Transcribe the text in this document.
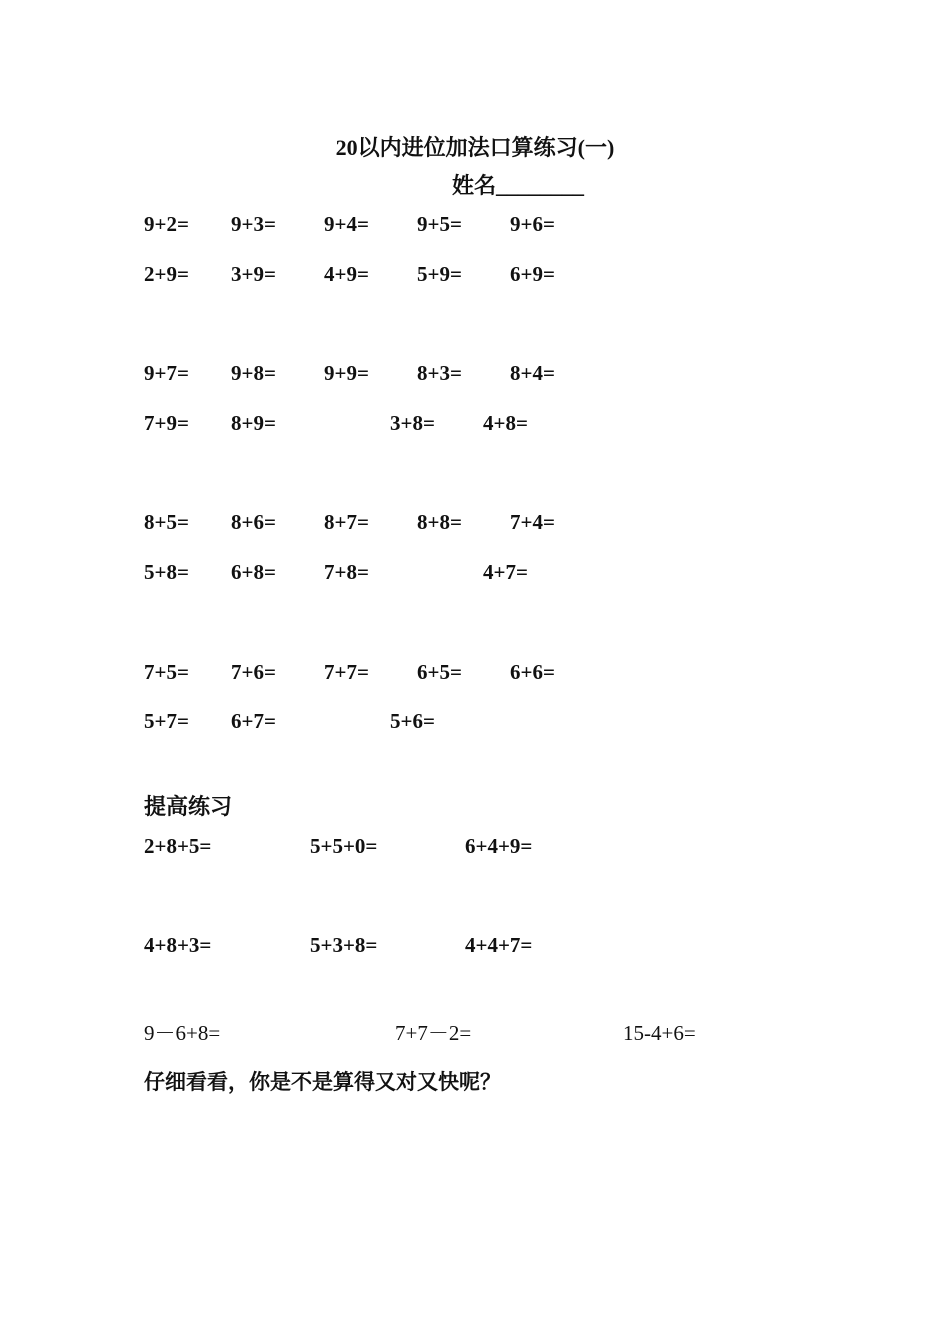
20以内进位加法口算练习(一)
姓名________
9+2= 9+3= 9+4= 9+5= 9+6=
2+9= 3+9= 4+9= 5+9= 6+9=
9+7= 9+8= 9+9= 8+3= 8+4=
7+9= 8+9=	3+8= 4+8=
8+5= 8+6= 8+7= 8+8= 7+4=
5+8= 6+8= 7+8=	4+7=
7+5= 7+6= 7+7= 6+5= 6+6=
5+7= 6+7=	5+6=
提高练习
2+8+5=	5+5+0=	6+4+9=
4+8+3=	5+3+8=	4+4+7=
9－6+8=	7+7－2=	15-4+6=
仔细看看，你是不是算得又对又快呢？
